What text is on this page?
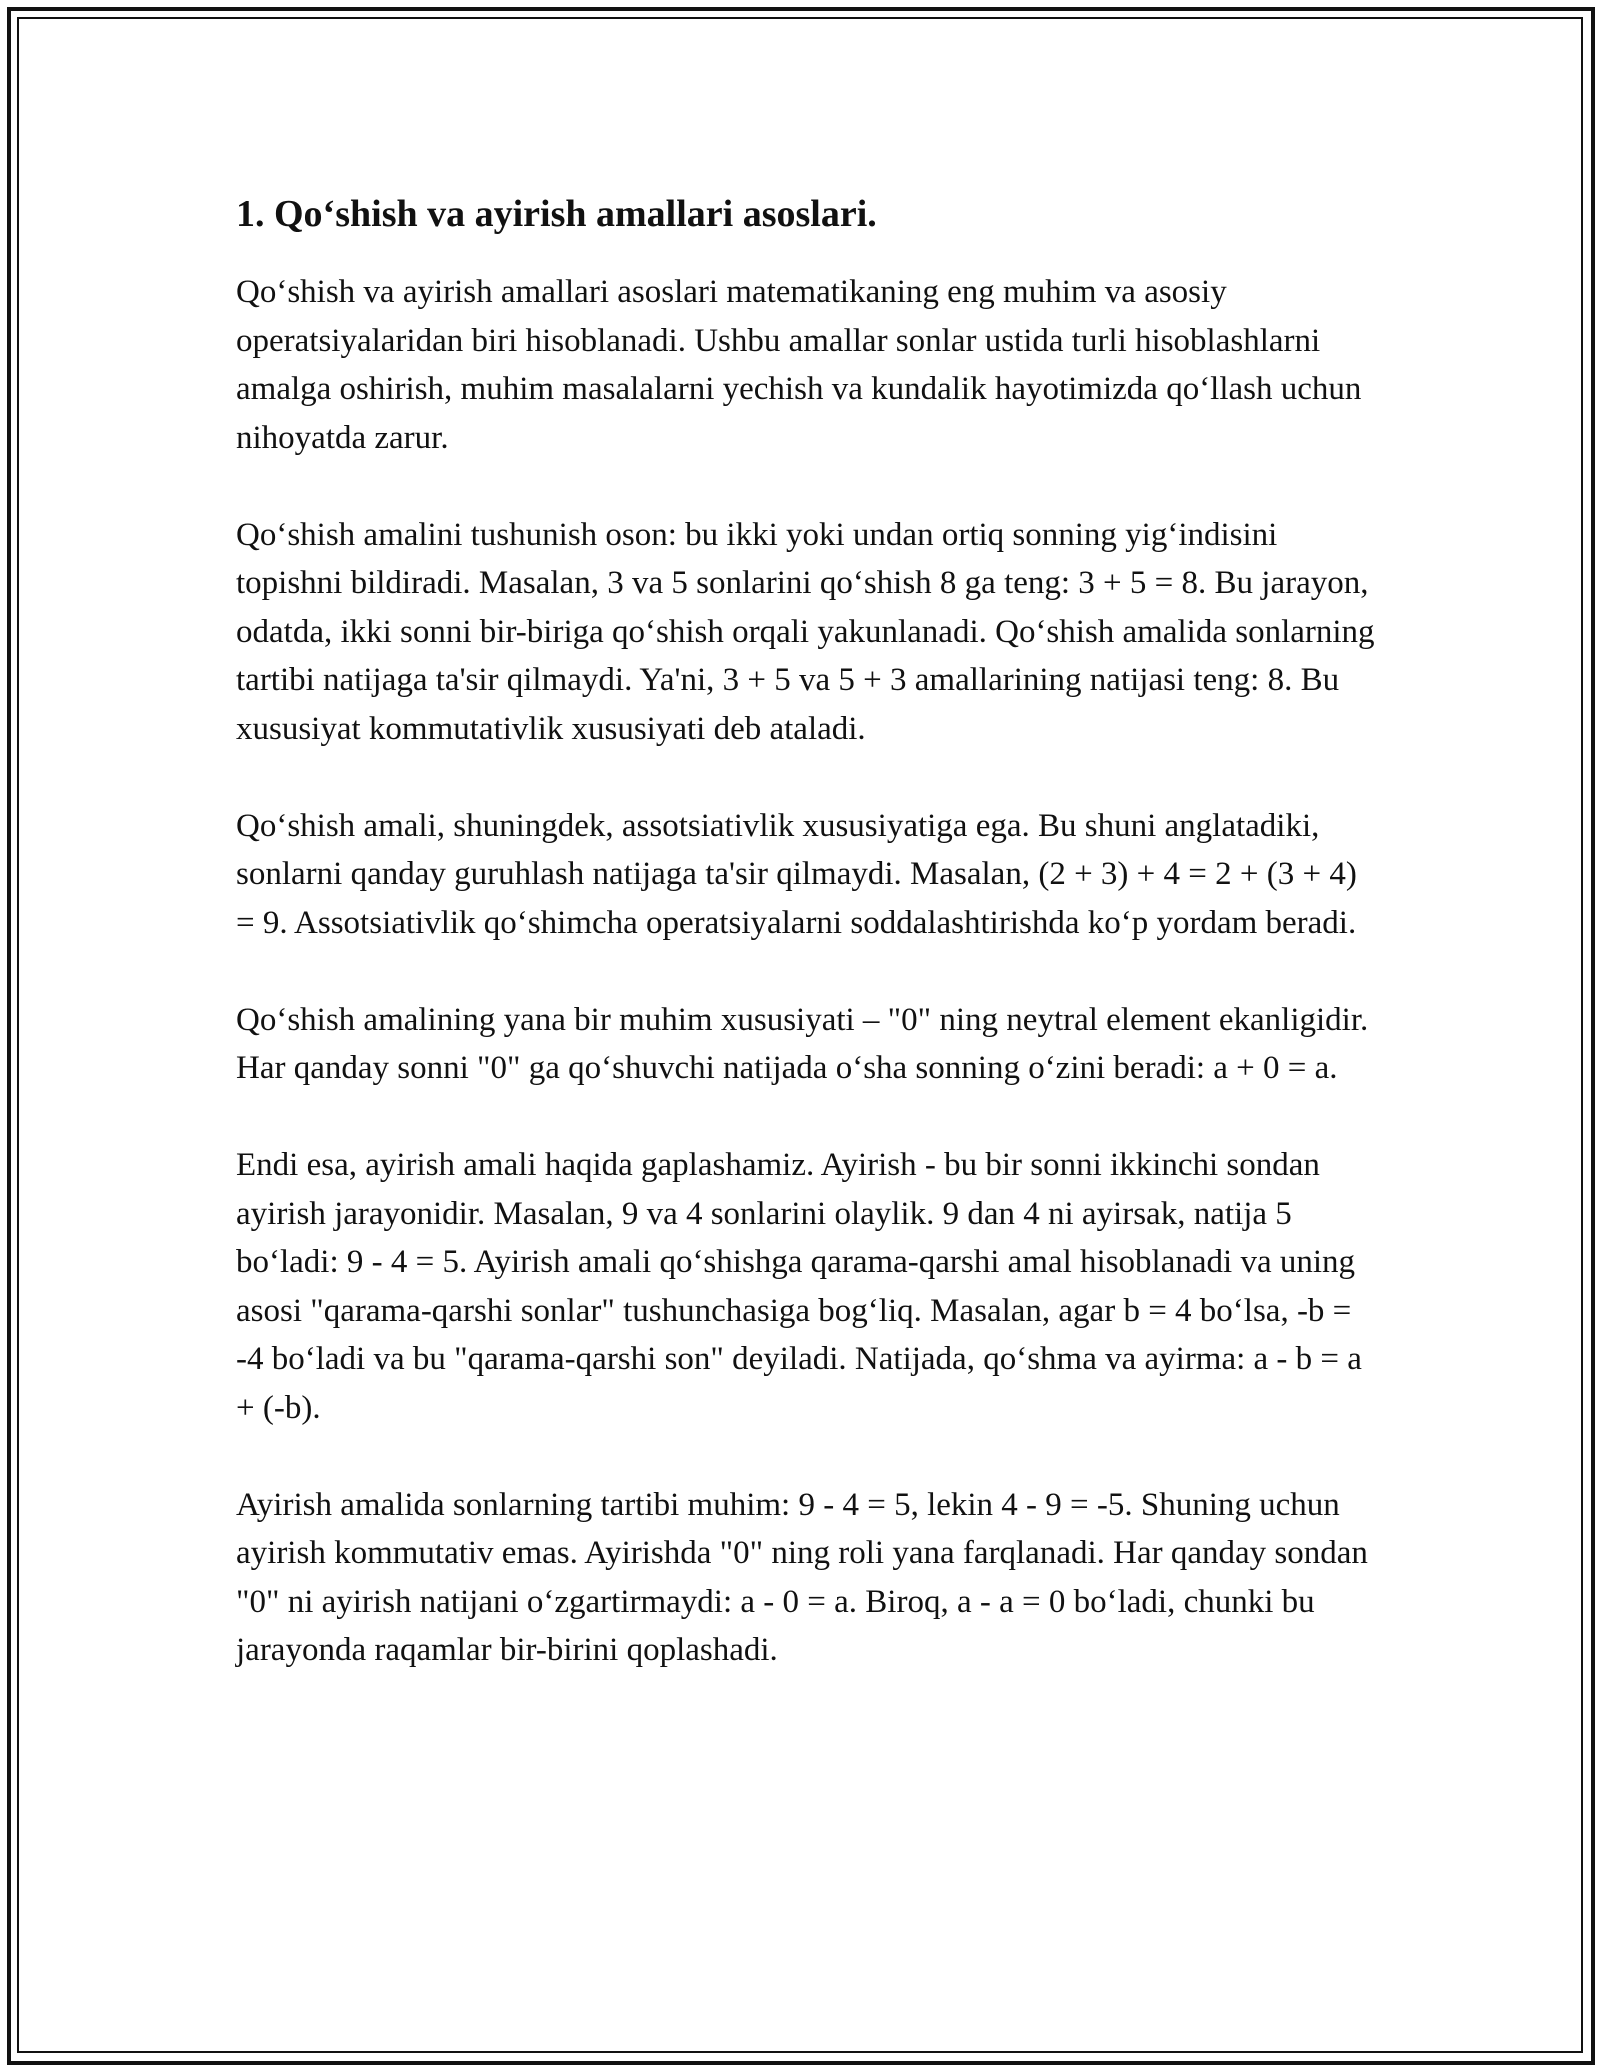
1. Qo‘shish va ayirish amallari asoslari.

Qo‘shish va ayirish amallari asoslari matematikaning eng muhim va asosiy operatsiyalaridan biri hisoblanadi. Ushbu amallar sonlar ustida turli hisoblashlarni amalga oshirish, muhim masalalarni yechish va kundalik hayotimizda qo‘llash uchun nihoyatda zarur.

Qo‘shish amalini tushunish oson: bu ikki yoki undan ortiq sonning yig‘indisini topishni bildiradi. Masalan, 3 va 5 sonlarini qo‘shish 8 ga teng: 3 + 5 = 8. Bu jarayon, odatda, ikki sonni bir-biriga qo‘shish orqali yakunlanadi. Qo‘shish amalida sonlarning tartibi natijaga ta'sir qilmaydi. Ya'ni, 3 + 5 va 5 + 3 amallarining natijasi teng: 8. Bu xususiyat kommutativlik xususiyati deb ataladi.

Qo‘shish amali, shuningdek, assotsiativlik xususiyatiga ega. Bu shuni anglatadiki, sonlarni qanday guruhlash natijaga ta'sir qilmaydi. Masalan, (2 + 3) + 4 = 2 + (3 + 4) = 9. Assotsiativlik qo‘shimcha operatsiyalarni soddalashtirishda ko‘p yordam beradi.

Qo‘shish amalining yana bir muhim xususiyati – "0" ning neytral element ekanligidir. Har qanday sonni "0" ga qo‘shuvchi natijada o‘sha sonning o‘zini beradi: a + 0 = a.

Endi esa, ayirish amali haqida gaplashamiz. Ayirish - bu bir sonni ikkinchi sondan ayirish jarayonidir. Masalan, 9 va 4 sonlarini olaylik. 9 dan 4 ni ayirsak, natija 5 bo‘ladi: 9 - 4 = 5. Ayirish amali qo‘shishga qarama-qarshi amal hisoblanadi va uning asosi "qarama-qarshi sonlar" tushunchasiga bog‘liq. Masalan, agar b = 4 bo‘lsa, -b = -4 bo‘ladi va bu "qarama-qarshi son" deyiladi. Natijada, qo‘shma va ayirma: a - b = a + (-b).

Ayirish amalida sonlarning tartibi muhim: 9 - 4 = 5, lekin 4 - 9 = -5. Shuning uchun ayirish kommutativ emas. Ayirishda "0" ning roli yana farqlanadi. Har qanday sondan "0" ni ayirish natijani o‘zgartirmaydi: a - 0 = a. Biroq, a - a = 0 bo‘ladi, chunki bu jarayonda raqamlar bir-birini qoplashadi.
